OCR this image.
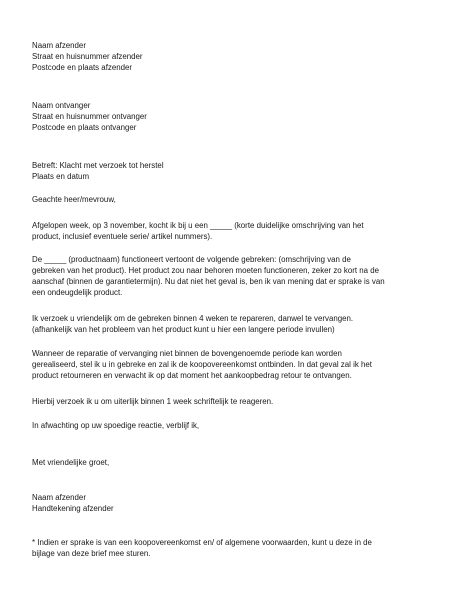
Naam afzender
Straat en huisnummer afzender
Postcode en plaats afzender
Naam ontvanger
Straat en huisnummer ontvanger
Postcode en plaats ontvanger
Betreft: Klacht met verzoek tot herstel
Plaats en datum
Geachte heer/mevrouw,
Afgelopen week, op 3 november, kocht ik bij u een _____ (korte duidelijke omschrijving van het
product, inclusief eventuele serie/ artikel nummers).
De _____ (productnaam) functioneert vertoont de volgende gebreken: (omschrijving van de
gebreken van het product). Het product zou naar behoren moeten functioneren, zeker zo kort na de
aanschaf (binnen de garantietermijn). Nu dat niet het geval is, ben ik van mening dat er sprake is van
een ondeugdelijk product.
Ik verzoek u vriendelijk om de gebreken binnen 4 weken te repareren, danwel te vervangen.
(afhankelijk van het probleem van het product kunt u hier een langere periode invullen)
Wanneer de reparatie of vervanging niet binnen de bovengenoemde periode kan worden
gerealiseerd, stel ik u in gebreke en zal ik de koopovereenkomst ontbinden. In dat geval zal ik het
product retourneren en verwacht ik op dat moment het aankoopbedrag retour te ontvangen.
Hierbij verzoek ik u om uiterlijk binnen 1 week schriftelijk te reageren.
In afwachting op uw spoedige reactie, verblijf ik,
Met vriendelijke groet,
Naam afzender
Handtekening afzender
* Indien er sprake is van een koopovereenkomst en/ of algemene voorwaarden, kunt u deze in de
bijlage van deze brief mee sturen.
